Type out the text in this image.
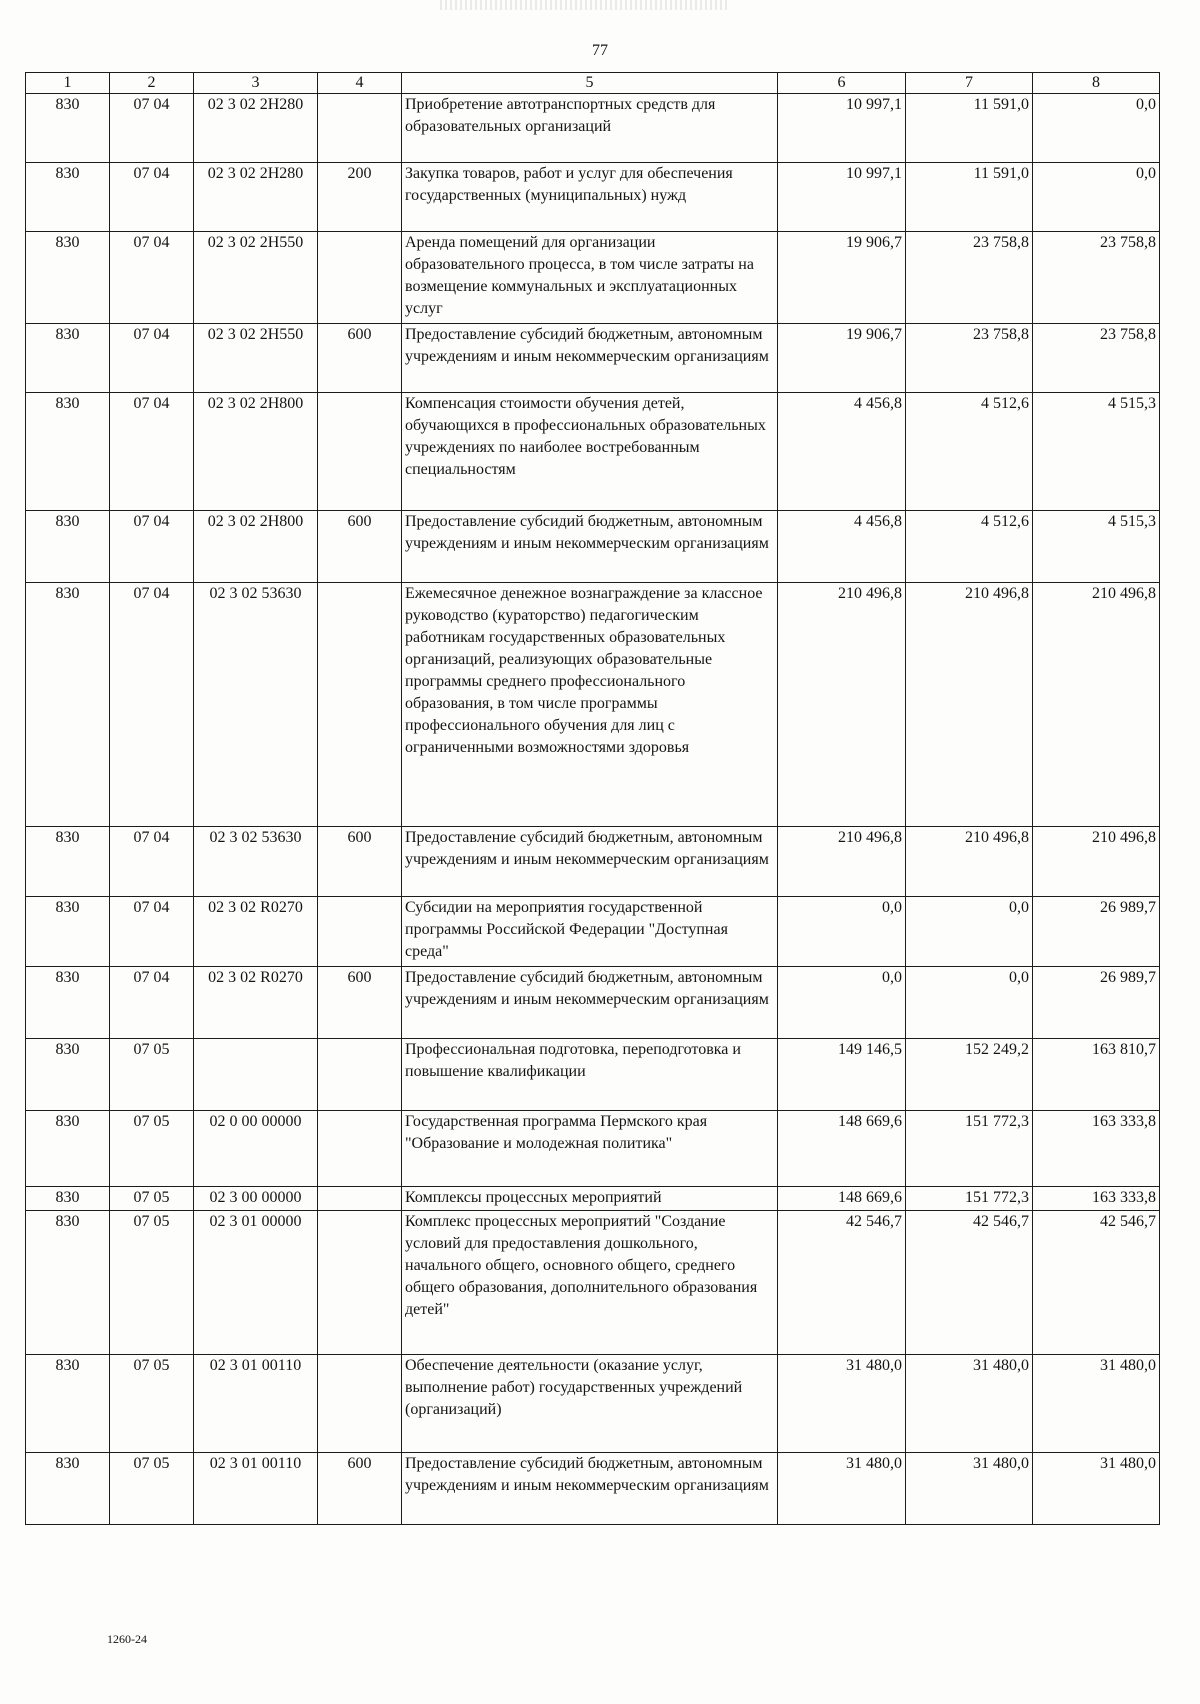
77
1	2	3	4	5	6	7	8
830	07 04	02 3 02 2Н280		Приобретение автотранспортных средств для образовательных организаций	10 997,1	11 591,0	0,0
830	07 04	02 3 02 2Н280	200	Закупка товаров, работ и услуг для обеспечения государственных (муниципальных) нужд	10 997,1	11 591,0	0,0
830	07 04	02 3 02 2Н550		Аренда помещений для организации образовательного процесса, в том числе затраты на возмещение коммунальных и эксплуатационных услуг	19 906,7	23 758,8	23 758,8
830	07 04	02 3 02 2Н550	600	Предоставление субсидий бюджетным, автономным учреждениям и иным некоммерческим организациям	19 906,7	23 758,8	23 758,8
830	07 04	02 3 02 2Н800		Компенсация стоимости обучения детей, обучающихся в профессиональных образовательных учреждениях по наиболее востребованным специальностям	4 456,8	4 512,6	4 515,3
830	07 04	02 3 02 2Н800	600	Предоставление субсидий бюджетным, автономным учреждениям и иным некоммерческим организациям	4 456,8	4 512,6	4 515,3
830	07 04	02 3 02 53630		Ежемесячное денежное вознаграждение за классное руководство (кураторство) педагогическим работникам государственных образовательных организаций, реализующих образовательные программы среднего профессионального образования, в том числе программы профессионального обучения для лиц с ограниченными возможностями здоровья	210 496,8	210 496,8	210 496,8
830	07 04	02 3 02 53630	600	Предоставление субсидий бюджетным, автономным учреждениям и иным некоммерческим организациям	210 496,8	210 496,8	210 496,8
830	07 04	02 3 02 R0270		Субсидии на мероприятия государственной программы Российской Федерации "Доступная среда"	0,0	0,0	26 989,7
830	07 04	02 3 02 R0270	600	Предоставление субсидий бюджетным, автономным учреждениям и иным некоммерческим организациям	0,0	0,0	26 989,7
830	07 05			Профессиональная подготовка, переподготовка и повышение квалификации	149 146,5	152 249,2	163 810,7
830	07 05	02 0 00 00000		Государственная программа Пермского края "Образование и молодежная политика"	148 669,6	151 772,3	163 333,8
830	07 05	02 3 00 00000		Комплексы процессных мероприятий	148 669,6	151 772,3	163 333,8
830	07 05	02 3 01 00000		Комплекс процессных мероприятий "Создание условий для предоставления дошкольного, начального общего, основного общего, среднего общего образования, дополнительного образования детей"	42 546,7	42 546,7	42 546,7
830	07 05	02 3 01 00110		Обеспечение деятельности (оказание услуг, выполнение работ) государственных учреждений (организаций)	31 480,0	31 480,0	31 480,0
830	07 05	02 3 01 00110	600	Предоставление субсидий бюджетным, автономным учреждениям и иным некоммерческим организациям	31 480,0	31 480,0	31 480,0
1260-24
